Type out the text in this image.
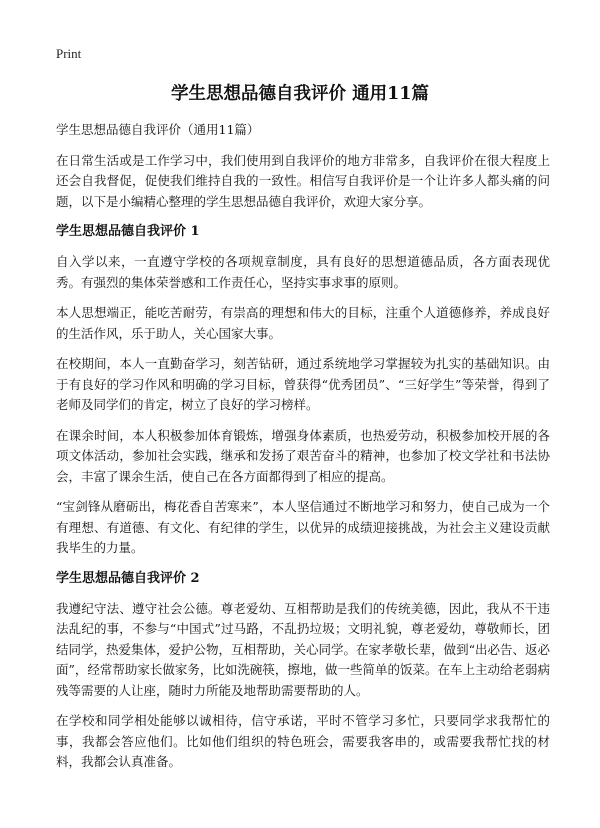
Print
学生思想品德自我评价 通用11篇

学生思想品德自我评价（通用11篇）

在日常生活或是工作学习中，我们使用到自我评价的地方非常多，自我评价在很大程度上还会自我督促，促使我们维持自我的一致性。相信写自我评价是一个让许多人都头痛的问题，以下是小编精心整理的学生思想品德自我评价，欢迎大家分享。

学生思想品德自我评价 1

自入学以来，一直遵守学校的各项规章制度，具有良好的思想道德品质，各方面表现优秀。有强烈的集体荣誉感和工作责任心，坚持实事求事的原则。

本人思想端正，能吃苦耐劳，有崇高的理想和伟大的目标，注重个人道德修养，养成良好的生活作风，乐于助人，关心国家大事。

在校期间，本人一直勤奋学习，刻苦钻研，通过系统地学习掌握较为扎实的基础知识。由于有良好的学习作风和明确的学习目标，曾获得“优秀团员”、“三好学生”等荣誉，得到了老师及同学们的肯定，树立了良好的学习榜样。

在课余时间，本人积极参加体育锻炼，增强身体素质，也热爱劳动，积极参加校开展的各项文体活动，参加社会实践，继承和发扬了艰苦奋斗的精神，也参加了校文学社和书法协会，丰富了课余生活，使自己在各方面都得到了相应的提高。

“宝剑锋从磨砺出，梅花香自苦寒来”，本人坚信通过不断地学习和努力，使自己成为一个有理想、有道德、有文化、有纪律的学生，以优异的成绩迎接挑战，为社会主义建设贡献我毕生的力量。

学生思想品德自我评价 2

我遵纪守法、遵守社会公德。尊老爱幼、互相帮助是我们的传统美德，因此，我从不干违法乱纪的事，不参与“中国式”过马路，不乱扔垃圾；文明礼貌，尊老爱幼，尊敬师长，团结同学，热爱集体，爱护公物，互相帮助，关心同学。在家孝敬长辈，做到“出必告、返必面”，经常帮助家长做家务，比如洗碗筷，擦地，做一些简单的饭菜。在车上主动给老弱病残等需要的人让座，随时力所能及地帮助需要帮助的人。

在学校和同学相处能够以诚相待，信守承诺，平时不管学习多忙，只要同学求我帮忙的事，我都会答应他们。比如他们组织的特色班会，需要我客串的，或需要我帮忙找的材料，我都会认真准备。
